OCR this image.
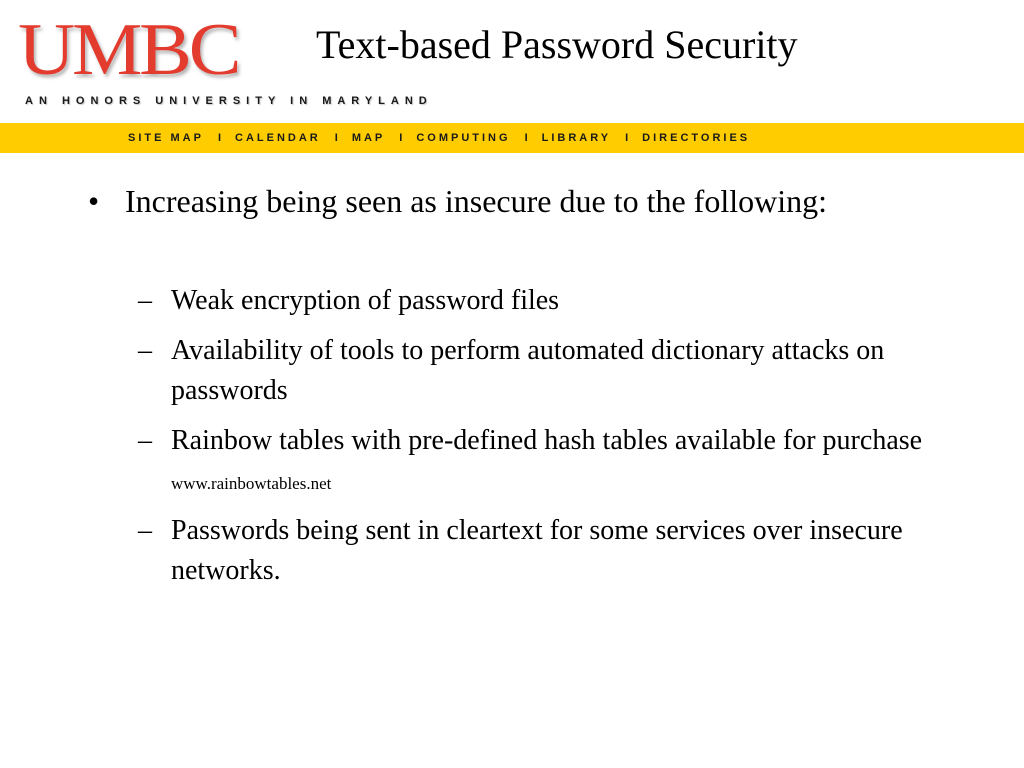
UMBC
AN HONORS UNIVERSITY IN MARYLAND
Text-based Password Security
SITE MAP I CALENDAR I MAP I COMPUTING I LIBRARY I DIRECTORIES
• Increasing being seen as insecure due to the following:
– Weak encryption of password files
– Availability of tools to perform automated dictionary attacks on passwords
– Rainbow tables with pre-defined hash tables available for purchase www.rainbowtables.net
– Passwords being sent in cleartext for some services over insecure networks.
